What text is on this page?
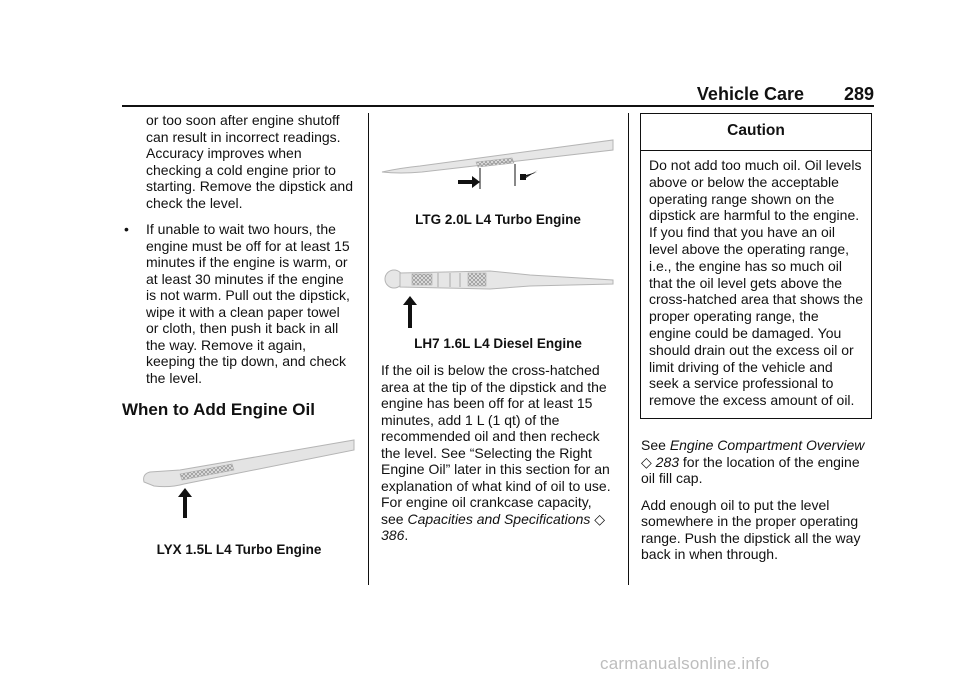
Vehicle Care 289

or too soon after engine shutoff can result in incorrect readings. Accuracy improves when checking a cold engine prior to starting. Remove the dipstick and check the level.

• If unable to wait two hours, the engine must be off for at least 15 minutes if the engine is warm, or at least 30 minutes if the engine is not warm. Pull out the dipstick, wipe it with a clean paper towel or cloth, then push it back in all the way. Remove it again, keeping the tip down, and check the level.
When to Add Engine Oil
LYX 1.5L L4 Turbo Engine
LTG 2.0L L4 Turbo Engine
LH7 1.6L L4 Diesel Engine

If the oil is below the cross-hatched area at the tip of the dipstick and the engine has been off for at least 15 minutes, add 1 L (1 qt) of the recommended oil and then recheck the level. See “Selecting the Right Engine Oil” later in this section for an explanation of what kind of oil to use. For engine oil crankcase capacity, see Capacities and Specifications ◇ 386.

Caution
Do not add too much oil. Oil levels above or below the acceptable operating range shown on the dipstick are harmful to the engine. If you find that you have an oil level above the operating range, i.e., the engine has so much oil that the oil level gets above the cross-hatched area that shows the proper operating range, the engine could be damaged. You should drain out the excess oil or limit driving of the vehicle and seek a service professional to remove the excess amount of oil.

See Engine Compartment Overview
◇ 283 for the location of the engine oil fill cap.

Add enough oil to put the level somewhere in the proper operating range. Push the dipstick all the way back in when through.

carmanualsonline.info
